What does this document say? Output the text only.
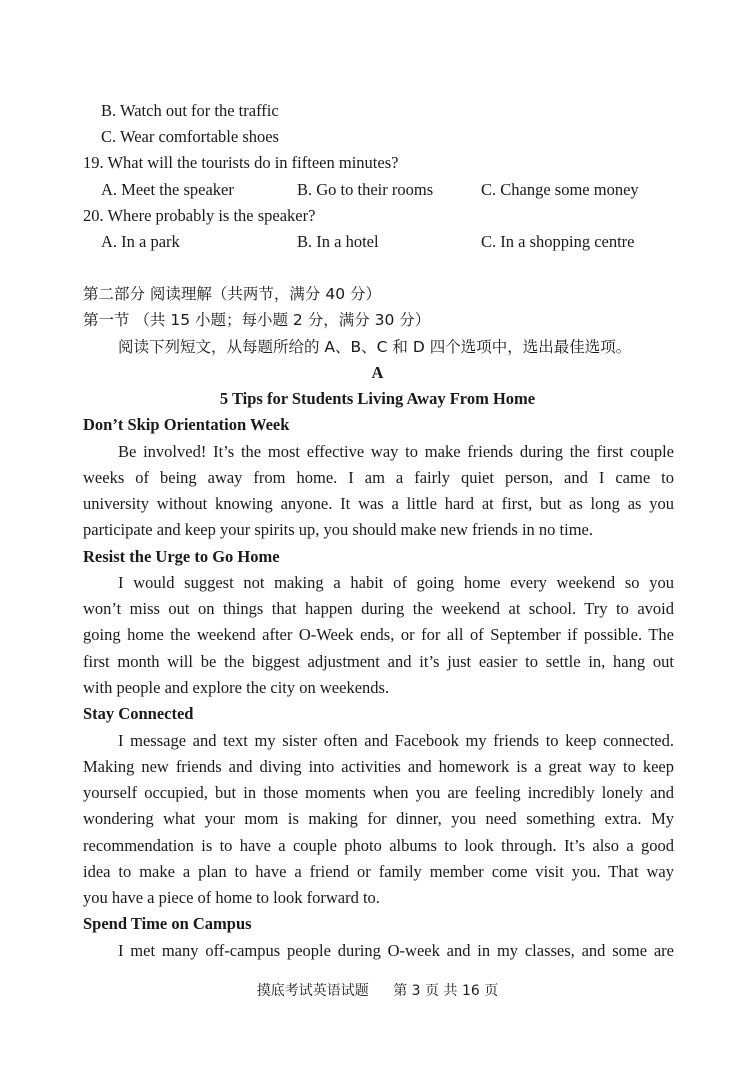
B. Watch out for the traffic
C. Wear comfortable shoes
19. What will the tourists do in fifteen minutes?
A. Meet the speaker	B. Go to their rooms	C. Change some money
20. Where probably is the speaker?
A. In a park	B. In a hotel	C. In a shopping centre
第二部分 阅读理解（共两节，满分 40 分）
第一节 （共 15 小题；每小题 2 分，满分 30 分）
阅读下列短文，从每题所给的 A、B、C 和 D 四个选项中，选出最佳选项。
A
5 Tips for Students Living Away From Home
Don’t Skip Orientation Week
Be involved! It’s the most effective way to make friends during the first couple
weeks of being away from home. I am a fairly quiet person, and I came to
university without knowing anyone. It was a little hard at first, but as long as you
participate and keep your spirits up, you should make new friends in no time.
Resist the Urge to Go Home
I would suggest not making a habit of going home every weekend so you
won’t miss out on things that happen during the weekend at school. Try to avoid
going home the weekend after O-Week ends, or for all of September if possible. The
first month will be the biggest adjustment and it’s just easier to settle in, hang out
with people and explore the city on weekends.
Stay Connected
I message and text my sister often and Facebook my friends to keep connected.
Making new friends and diving into activities and homework is a great way to keep
yourself occupied, but in those moments when you are feeling incredibly lonely and
wondering what your mom is making for dinner, you need something extra. My
recommendation is to have a couple photo albums to look through. It’s also a good
idea to make a plan to have a friend or family member come visit you. That way
you have a piece of home to look forward to.
Spend Time on Campus
I met many off-campus people during O-week and in my classes, and some are
摸底考试英语试题 第 3 页 共 16 页
